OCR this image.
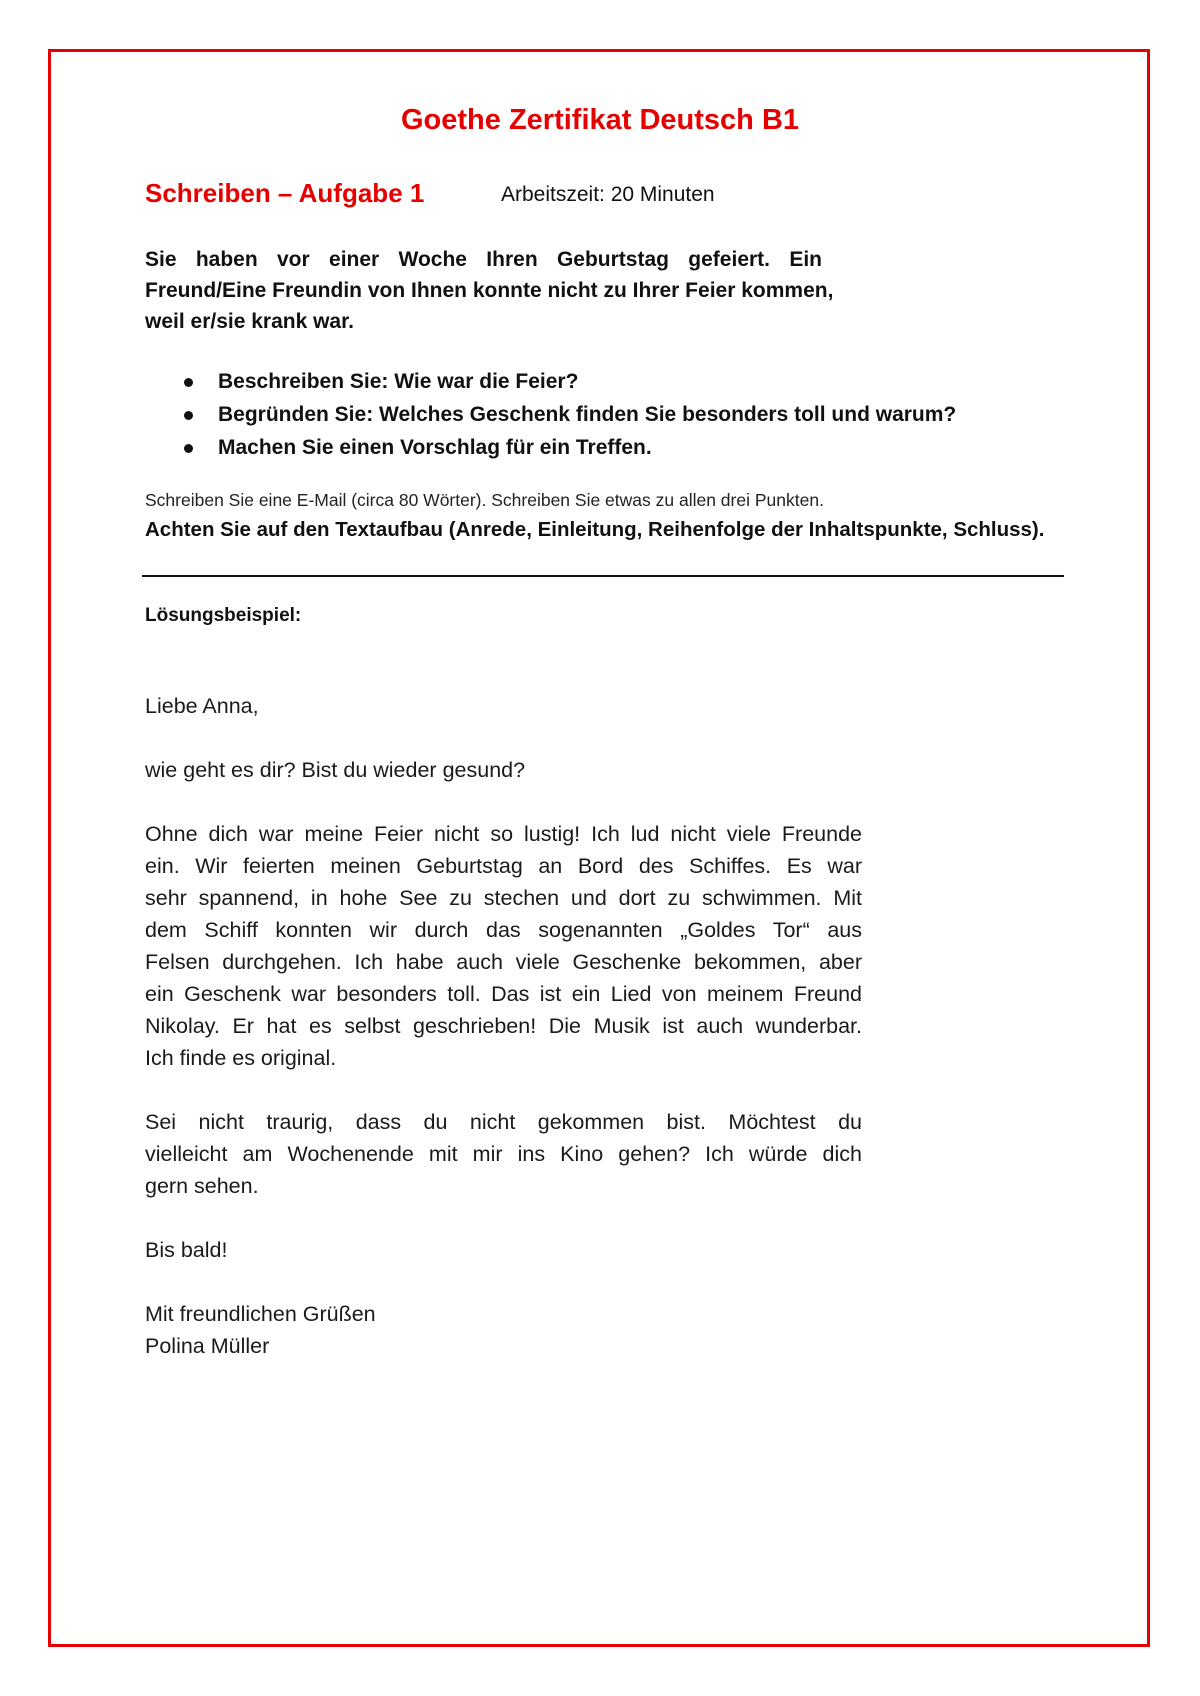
Goethe Zertifikat Deutsch B1
Schreiben – Aufgabe 1	Arbeitszeit: 20 Minuten
Sie haben vor einer Woche Ihren Geburtstag gefeiert. Ein
Freund/Eine Freundin von Ihnen konnte nicht zu Ihrer Feier kommen,
weil er/sie krank war.
Beschreiben Sie: Wie war die Feier?
Begründen Sie: Welches Geschenk finden Sie besonders toll und warum?
Machen Sie einen Vorschlag für ein Treffen.
Schreiben Sie eine E-Mail (circa 80 Wörter). Schreiben Sie etwas zu allen drei Punkten.
Achten Sie auf den Textaufbau (Anrede, Einleitung, Reihenfolge der Inhaltspunkte, Schluss).
Lösungsbeispiel:

Liebe Anna,

wie geht es dir? Bist du wieder gesund?

Ohne dich war meine Feier nicht so lustig! Ich lud nicht viele Freunde
ein. Wir feierten meinen Geburtstag an Bord des Schiffes. Es war
sehr spannend, in hohe See zu stechen und dort zu schwimmen. Mit
dem Schiff konnten wir durch das sogenannten „Goldes Tor“ aus
Felsen durchgehen. Ich habe auch viele Geschenke bekommen, aber
ein Geschenk war besonders toll. Das ist ein Lied von meinem Freund
Nikolay. Er hat es selbst geschrieben! Die Musik ist auch wunderbar.
Ich finde es original.

Sei nicht traurig, dass du nicht gekommen bist. Möchtest du
vielleicht am Wochenende mit mir ins Kino gehen? Ich würde dich
gern sehen.

Bis bald!

Mit freundlichen Grüßen

Polina Müller
